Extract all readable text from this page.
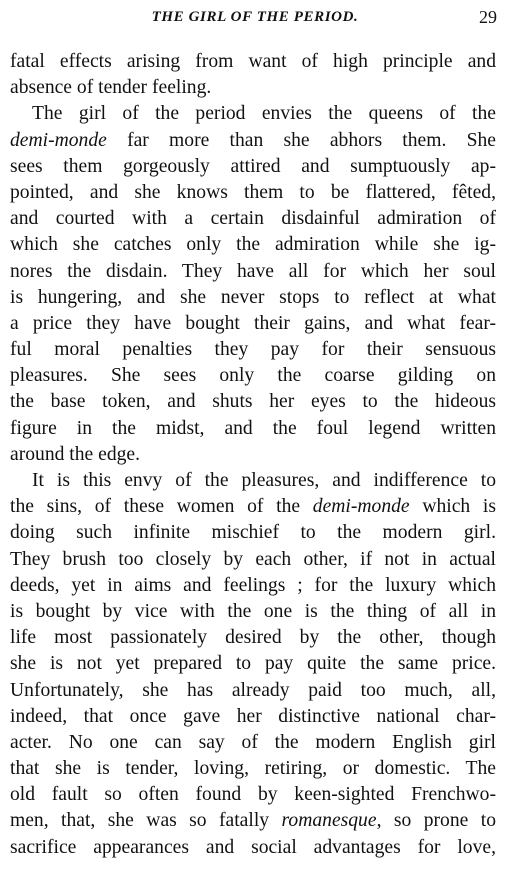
THE GIRL OF THE PERIOD.	29
fatal effects arising from want of high principle and
absence of tender feeling.
The girl of the period envies the queens of the
demi-monde far more than she abhors them. She
sees them gorgeously attired and sumptuously ap-
pointed, and she knows them to be flattered, fêted,
and courted with a certain disdainful admiration of
which she catches only the admiration while she ig-
nores the disdain. They have all for which her soul
is hungering, and she never stops to reflect at what
a price they have bought their gains, and what fear-
ful moral penalties they pay for their sensuous
pleasures. She sees only the coarse gilding on
the base token, and shuts her eyes to the hideous
figure in the midst, and the foul legend written
around the edge.
It is this envy of the pleasures, and indifference to
the sins, of these women of the demi-monde which is
doing such infinite mischief to the modern girl.
They brush too closely by each other, if not in actual
deeds, yet in aims and feelings ; for the luxury which
is bought by vice with the one is the thing of all in
life most passionately desired by the other, though
she is not yet prepared to pay quite the same price.
Unfortunately, she has already paid too much, all,
indeed, that once gave her distinctive national char-
acter. No one can say of the modern English girl
that she is tender, loving, retiring, or domestic. The
old fault so often found by keen-sighted Frenchwo-
men, that, she was so fatally romanesque, so prone to
sacrifice appearances and social advantages for love,
